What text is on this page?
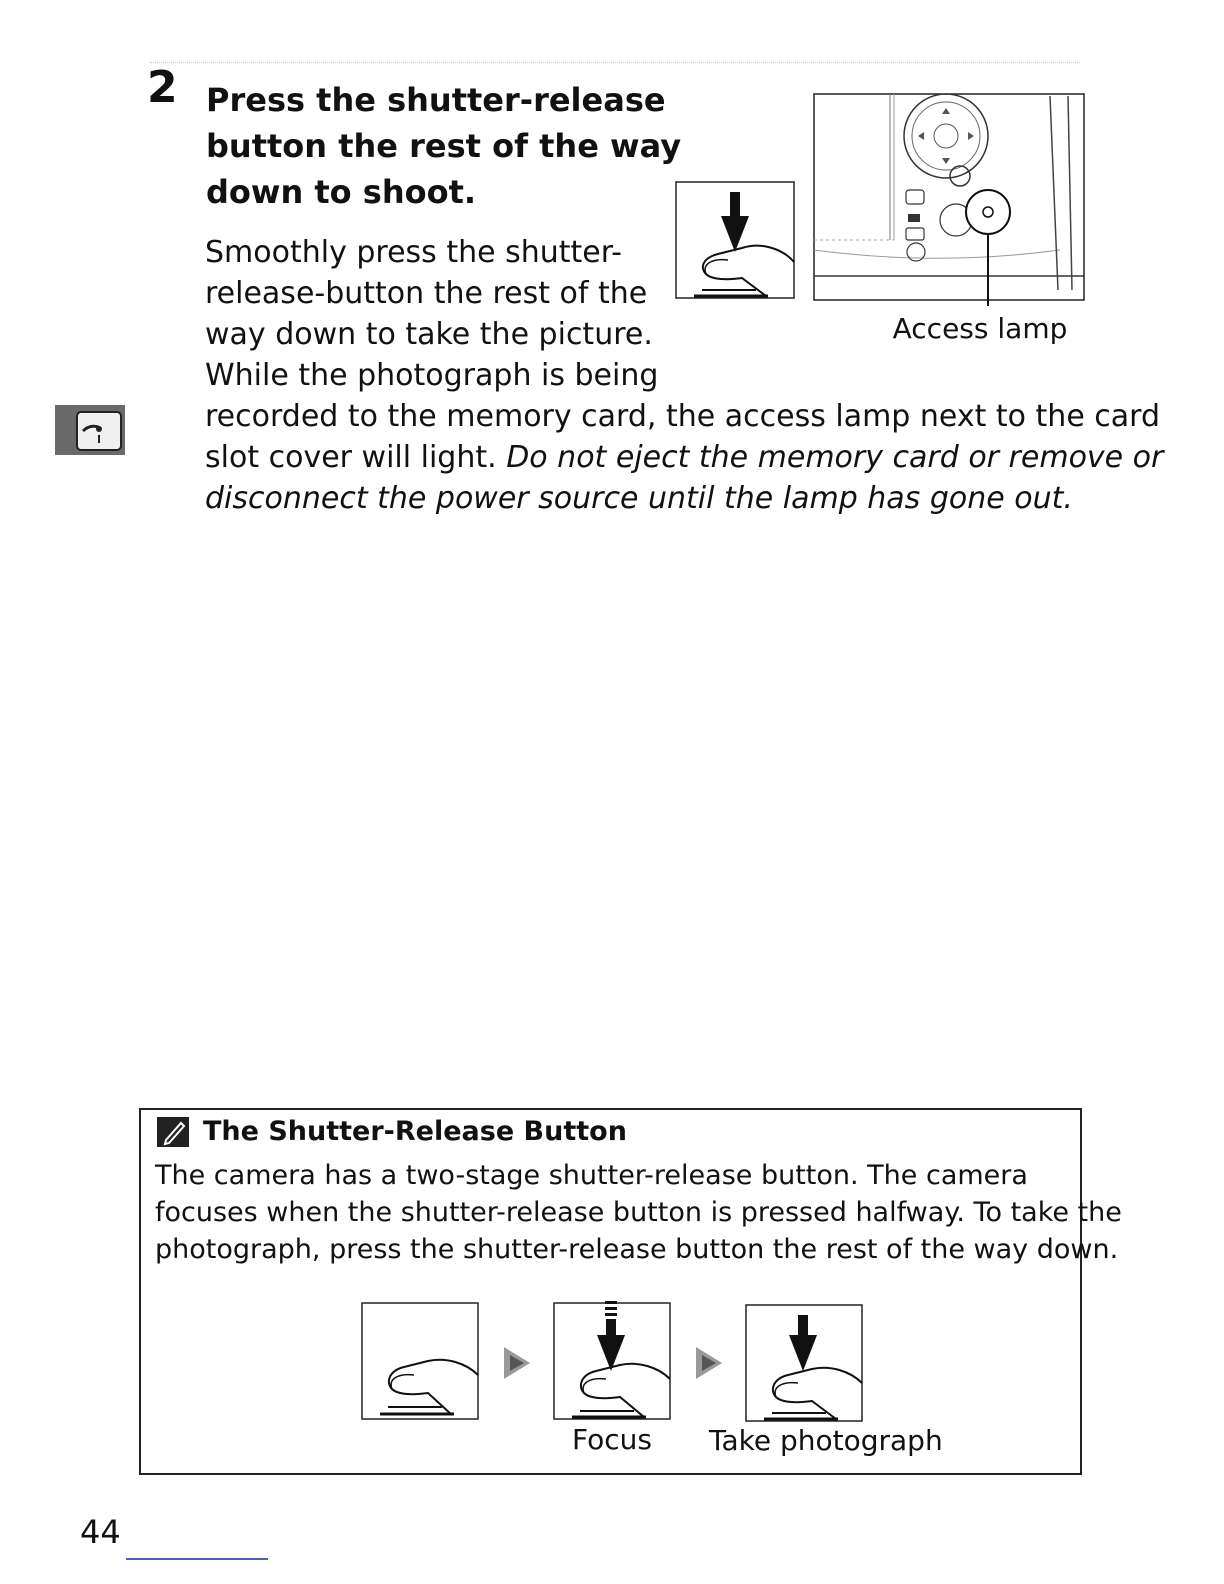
2 Press the shutter-release
button the rest of the way
down to shoot.
Access lamp
Smoothly press the shutter-
release-button the rest of the
way down to take the picture.
While the photograph is being
recorded to the memory card, the access lamp next to the card
slot cover will light. Do not eject the memory card or remove or
disconnect the power source until the lamp has gone out.
The Shutter-Release Button
The camera has a two-stage shutter-release button. The camera
focuses when the shutter-release button is pressed halfway. To take the
photograph, press the shutter-release button the rest of the way down.
Focus Take photograph
44
